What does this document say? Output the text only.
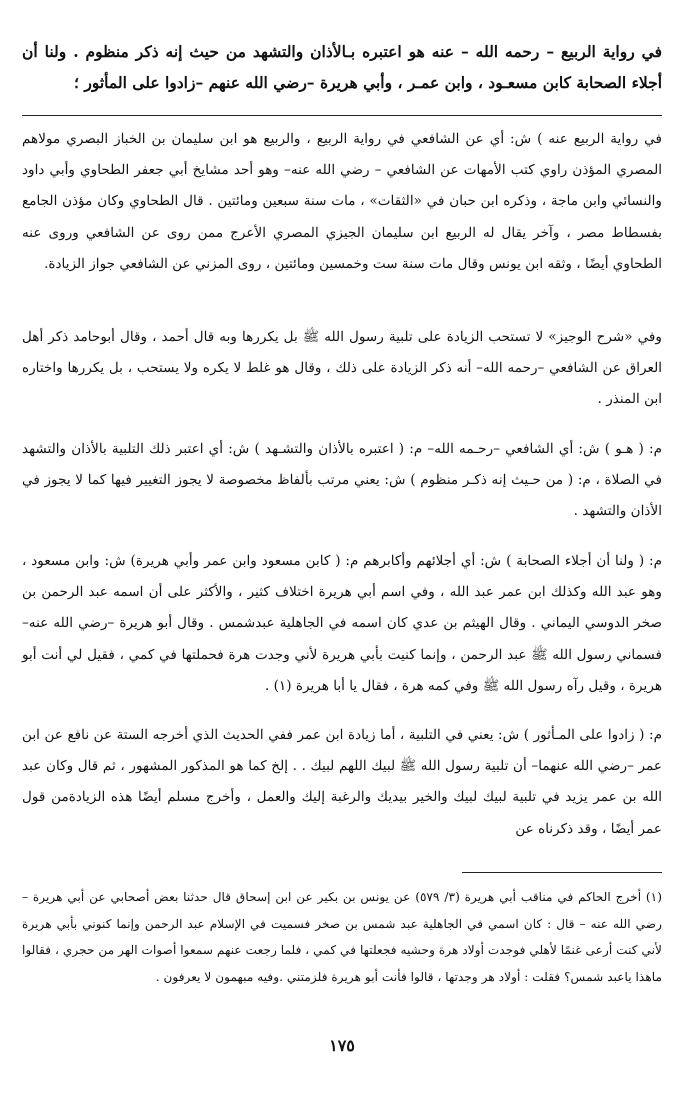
في رواية الربيع – رحمه الله – عنه هو اعتبره بـالأذان والتشهد من حيث إنه ذكر منظوم . ولنا أن أجلاء الصحابة كابن مسعـود ، وابن عمـر ، وأبي هريرة –رضي الله عنهم –زادوا على المأثور ؛

في رواية الربيع عنه ) ش: أي عن الشافعي في رواية الربيع ، والربيع هو ابن سليمان بن الخباز البصري مولاهم المصري المؤذن راوي كتب الأمهات عن الشافعي – رضي الله عنه– وهو أحد مشايخ أبي جعفر الطحاوي وأبي داود والنسائي وابن ماجة ، وذكره ابن حبان في «الثقات» ، مات سنة سبعين ومائتين . قال الطحاوي وكان مؤذن الجامع بفسطاط مصر ، وآخر يقال له الربيع ابن سليمان الجيزي المصري الأعرج ممن روى عن الشافعي وروى عنه الطحاوي أيضًا ، وثقه ابن يونس وقال مات سنة ست وخمسين ومائتين ، روى المزني عن الشافعي جواز الزيادة.

وفي «شرح الوجيز» لا تستحب الزيادة على تلبية رسول الله ﷺ بل يكررها وبه قال أحمد ، وقال أبوحامد ذكر أهل العراق عن الشافعي –رحمه الله– أنه ذكر الزيادة على ذلك ، وقال هو غلط لا يكره ولا يستحب ، بل يكررها واختاره ابن المنذر .

م: ( هـو ) ش: أي الشافعي –رحـمه الله– م: ( اعتبره بالأذان والتشـهد ) ش: أي اعتبر ذلك التلبية بالأذان والتشهد في الصلاة ، م: ( من حـيث إنه ذكـر منظوم ) ش: يعني مرتب بألفاظ مخصوصة لا يجوز التغيير فيها كما لا يجوز في الأذان والتشهد .

م: ( ولنا أن أجلاء الصحابة ) ش: أي أجلائهم وأكابرهم م: ( كابن مسعود وابن عمر وأبي هريرة) ش: وابن مسعود ، وهو عبد الله وكذلك ابن عمر عبد الله ، وفي اسم أبي هريرة اختلاف كثير ، والأكثر على أن اسمه عبد الرحمن بن صخر الدوسي اليماني . وقال الهيثم بن عدي كان اسمه في الجاهلية عبدشمس . وقال أبو هريرة –رضي الله عنه– فسماني رسول الله ﷺ عبد الرحمن ، وإنما كنيت بأبي هريرة لأني وجدت هرة فحملتها في كمي ، فقيل لي أنت أبو هريرة ، وقيل رآه رسول الله ﷺ وفي كمه هرة ، فقال يا أبا هريرة (١) .

م: ( زادوا على المـأثور ) ش: يعني في التلبية ، أما زيادة ابن عمر ففي الحديث الذي أخرجه الستة عن نافع عن ابن عمر –رضي الله عنهما– أن تلبية رسول الله ﷺ لبيك اللهم لبيك . . إلخ كما هو المذكور المشهور ، ثم قال وكان عبد الله بن عمر يزيد في تلبية لبيك لبيك والخير بيديك والرغبة إليك والعمل ، وأخرج مسلم أيضًا هذه الزيادةمن قول عمر أيضًا ، وقد ذكرناه عن

(١) أخرج الحاكم في مناقب أبي هريرة (٣/ ٥٧٩) عن يونس بن بكير عن ابن إسحاق قال حدثنا بعض أصحابي عن أبي هريرة –رضي الله عنه – قال : كان اسمي في الجاهلية عبد شمس بن صخر فسميت في الإسلام عبد الرحمن وإنما كنوني بأبي هريرة لأني كنت أرعى غنمًا لأهلي فوجدت أولاد هرة وحشيه فجعلتها في كمي ، فلما رجعت عنهم سمعوا أصوات الهر من حجري ، فقالوا ماهذا ياعبد شمس؟ فقلت : أولاد هر وجدتها ، قالوا فأنت أبو هريرة فلزمتني .وفيه مبهمون لا يعرفون .
١٧٥
